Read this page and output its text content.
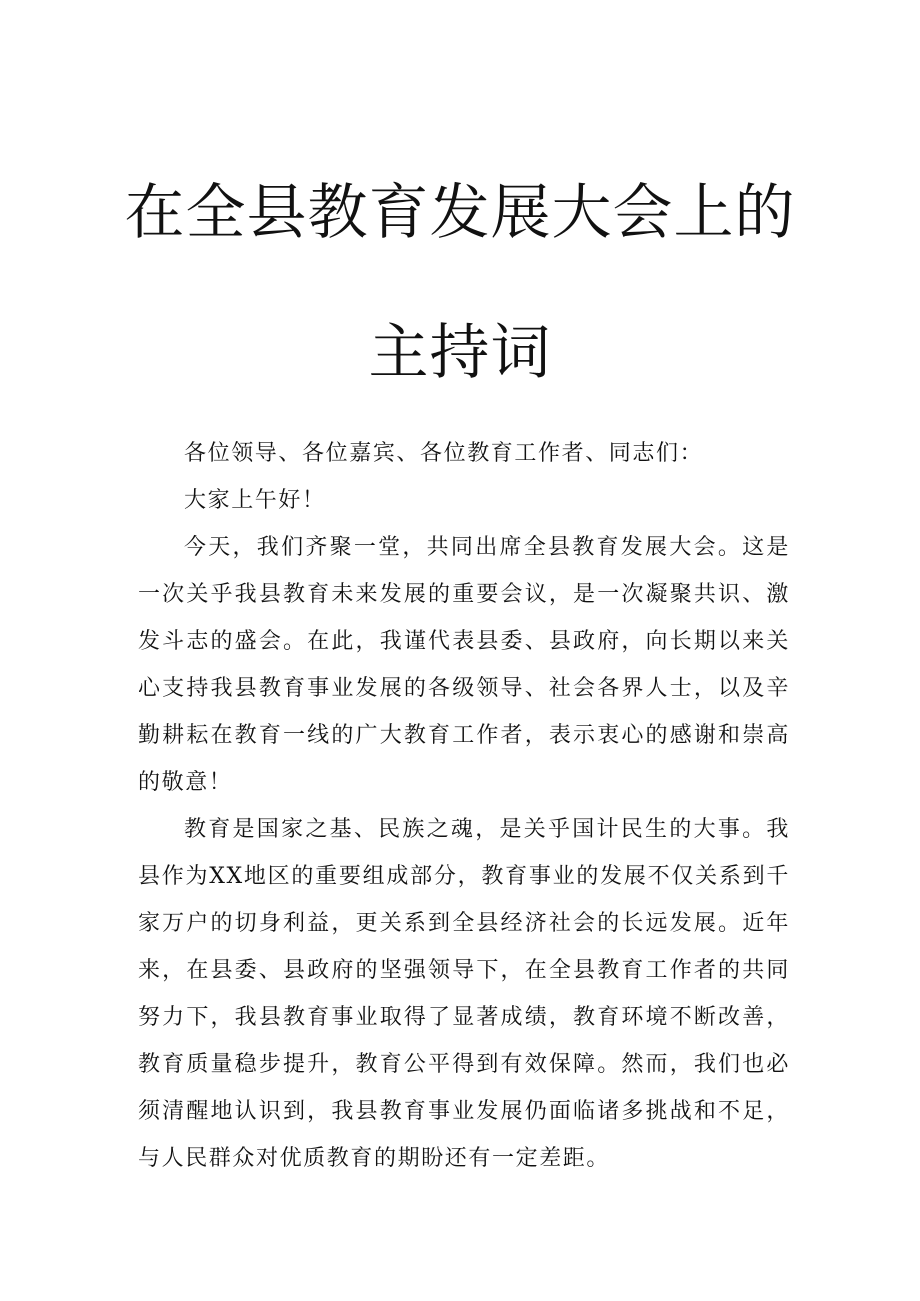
在全县教育发展大会上的
主持词

各位领导、各位嘉宾、各位教育工作者、同志们：

大家上午好！

今天，我们齐聚一堂，共同出席全县教育发展大会。这是一次关乎我县教育未来发展的重要会议，是一次凝聚共识、激发斗志的盛会。在此，我谨代表县委、县政府，向长期以来关心支持我县教育事业发展的各级领导、社会各界人士，以及辛勤耕耘在教育一线的广大教育工作者，表示衷心的感谢和崇高的敬意！

教育是国家之基、民族之魂，是关乎国计民生的大事。我县作为XX地区的重要组成部分，教育事业的发展不仅关系到千家万户的切身利益，更关系到全县经济社会的长远发展。近年来，在县委、县政府的坚强领导下，在全县教育工作者的共同努力下，我县教育事业取得了显著成绩，教育环境不断改善，教育质量稳步提升，教育公平得到有效保障。然而，我们也必须清醒地认识到，我县教育事业发展仍面临诸多挑战和不足，与人民群众对优质教育的期盼还有一定差距。
